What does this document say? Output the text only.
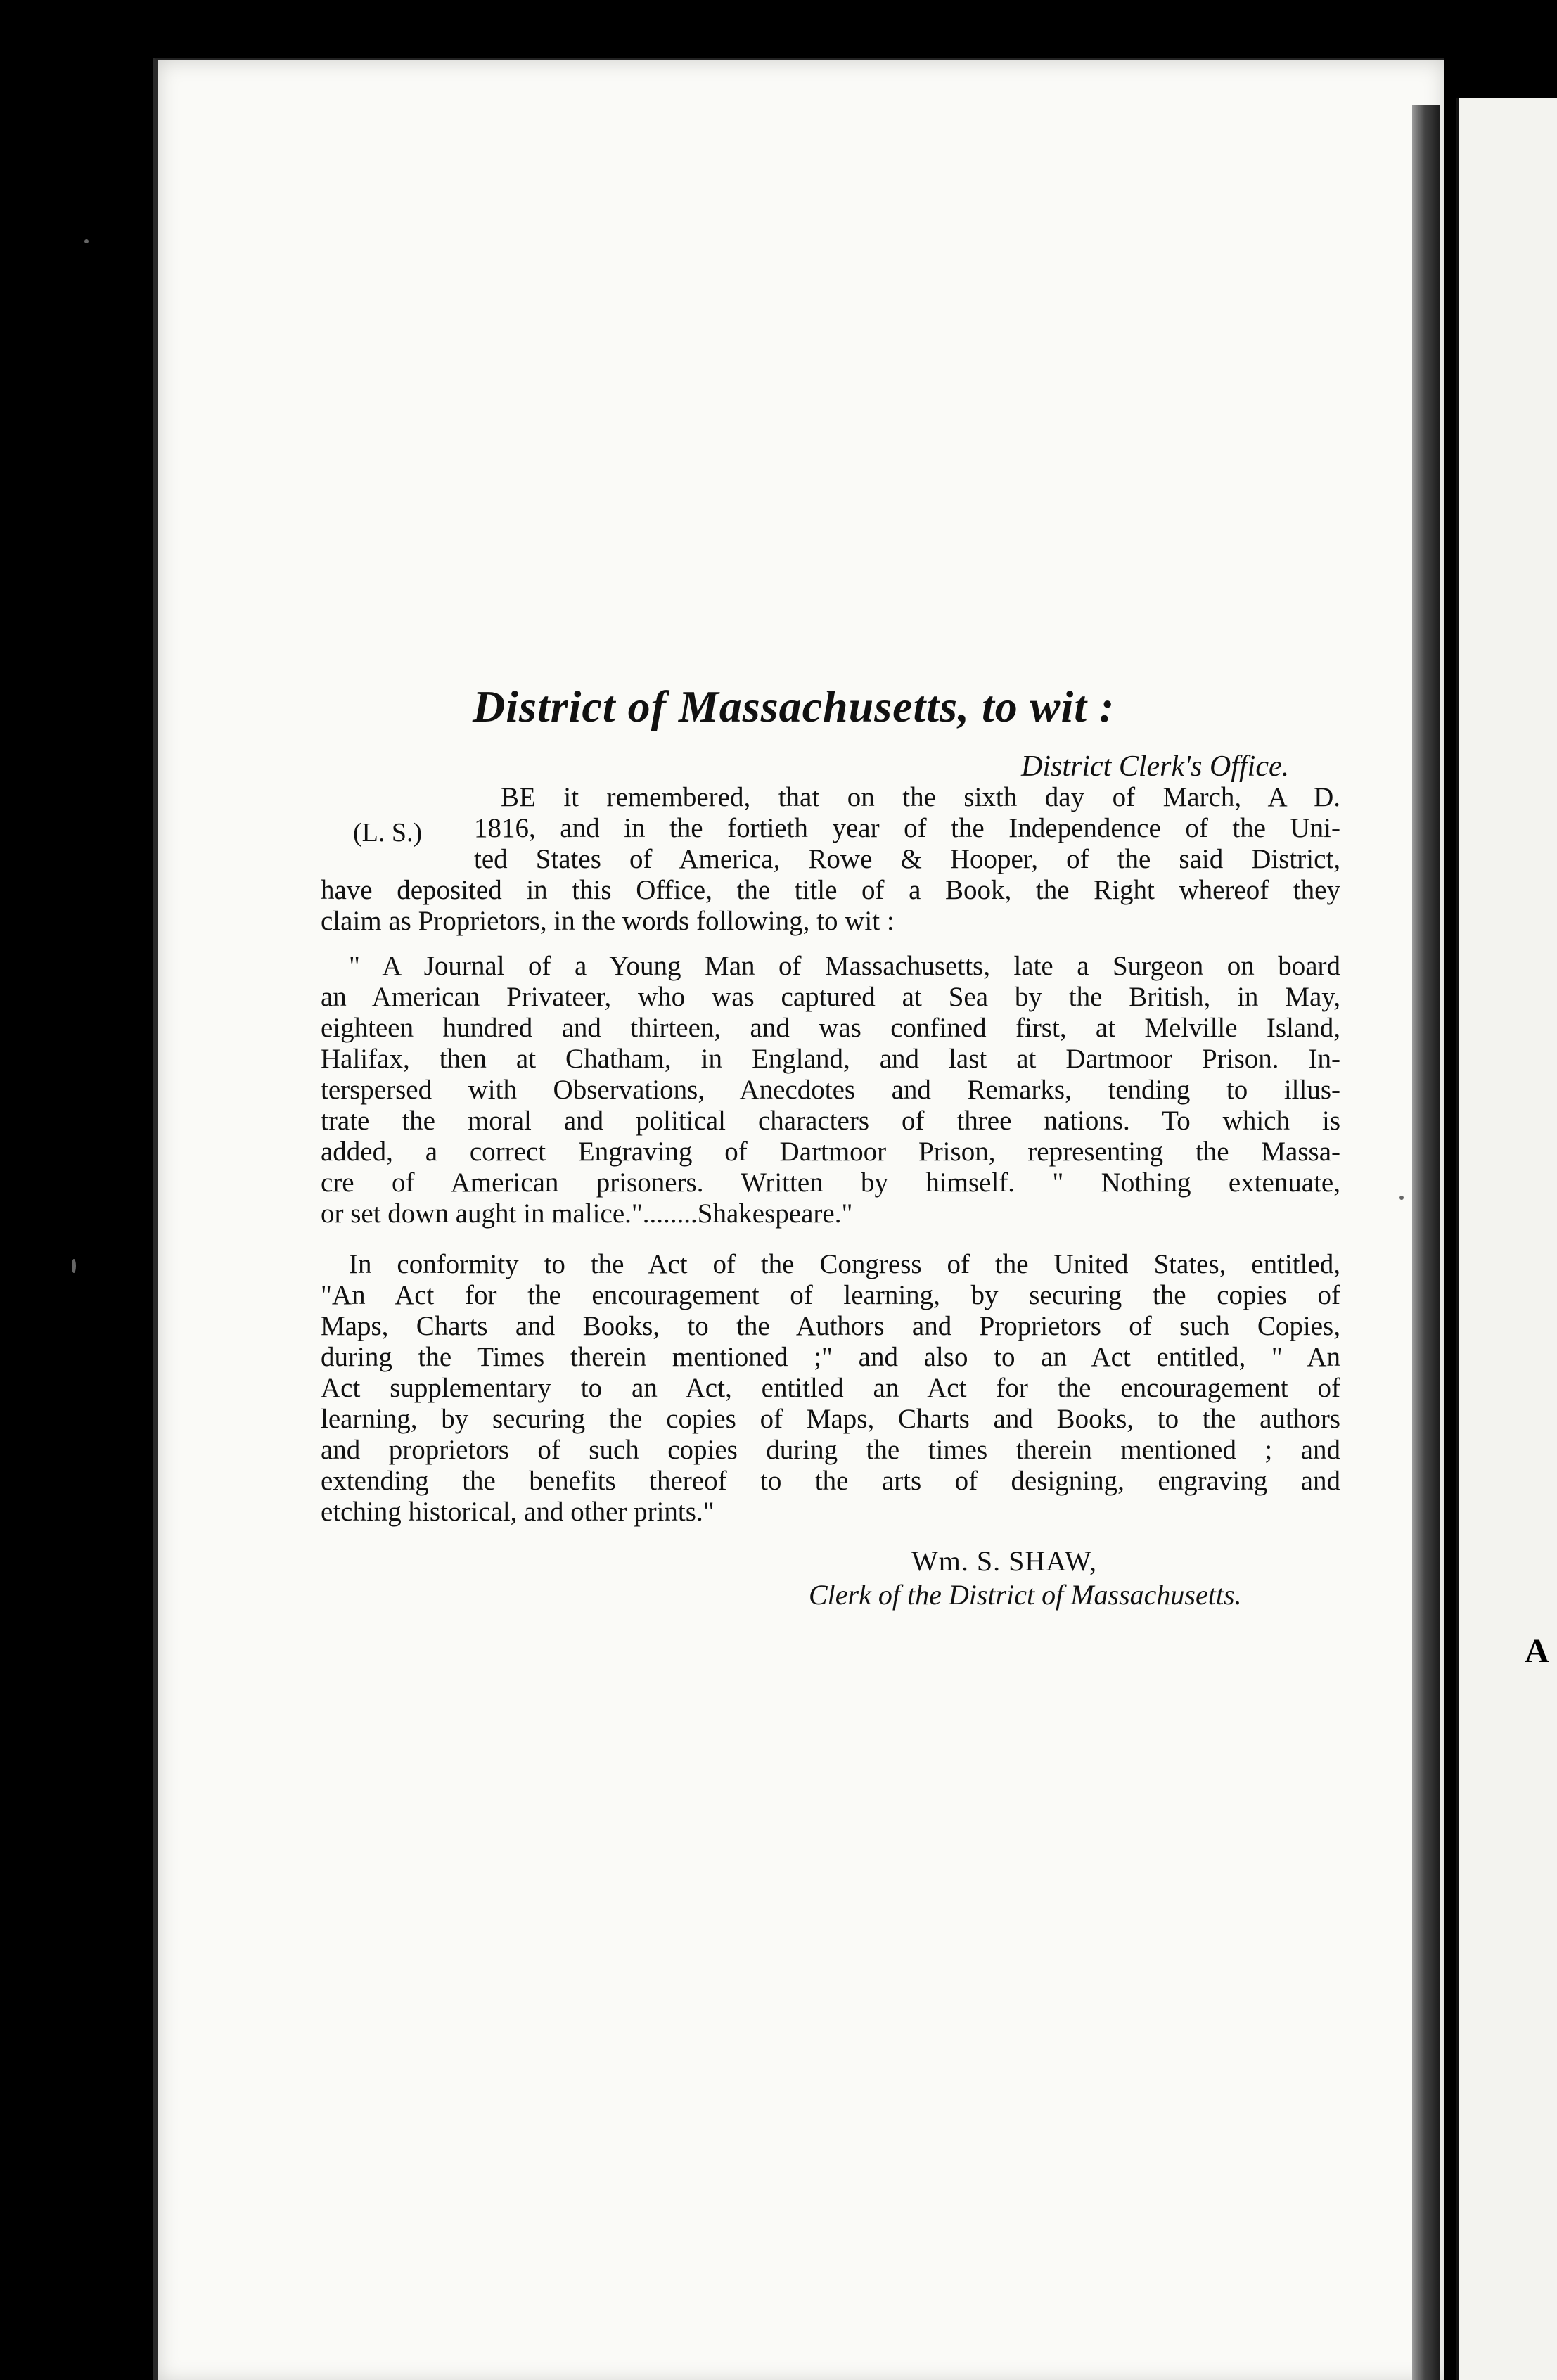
A
District of Massachusetts, to wit :
District Clerk's Office.
(L. S.)
BE it remembered, that on the sixth day of March, A D.
1816, and in the fortieth year of the Independence of the Uni-
ted States of America, Rowe & Hooper, of the said District,
have deposited in this Office, the title of a Book, the Right whereof they
claim as Proprietors, in the words following, to wit :
" A Journal of a Young Man of Massachusetts, late a Surgeon on board
an American Privateer, who was captured at Sea by the British, in May,
eighteen hundred and thirteen, and was confined first, at Melville Island,
Halifax, then at Chatham, in England, and last at Dartmoor Prison. In-
terspersed with Observations, Anecdotes and Remarks, tending to illus-
trate the moral and political characters of three nations. To which is
added, a correct Engraving of Dartmoor Prison, representing the Massa-
cre of American prisoners. Written by himself. " Nothing extenuate,
or set down aught in malice."........Shakespeare."
In conformity to the Act of the Congress of the United States, entitled,
"An Act for the encouragement of learning, by securing the copies of
Maps, Charts and Books, to the Authors and Proprietors of such Copies,
during the Times therein mentioned ;" and also to an Act entitled, " An
Act supplementary to an Act, entitled an Act for the encouragement of
learning, by securing the copies of Maps, Charts and Books, to the authors
and proprietors of such copies during the times therein mentioned ; and
extending the benefits thereof to the arts of designing, engraving and
etching historical, and other prints."
Wm. S. SHAW,
Clerk of the District of Massachusetts.
